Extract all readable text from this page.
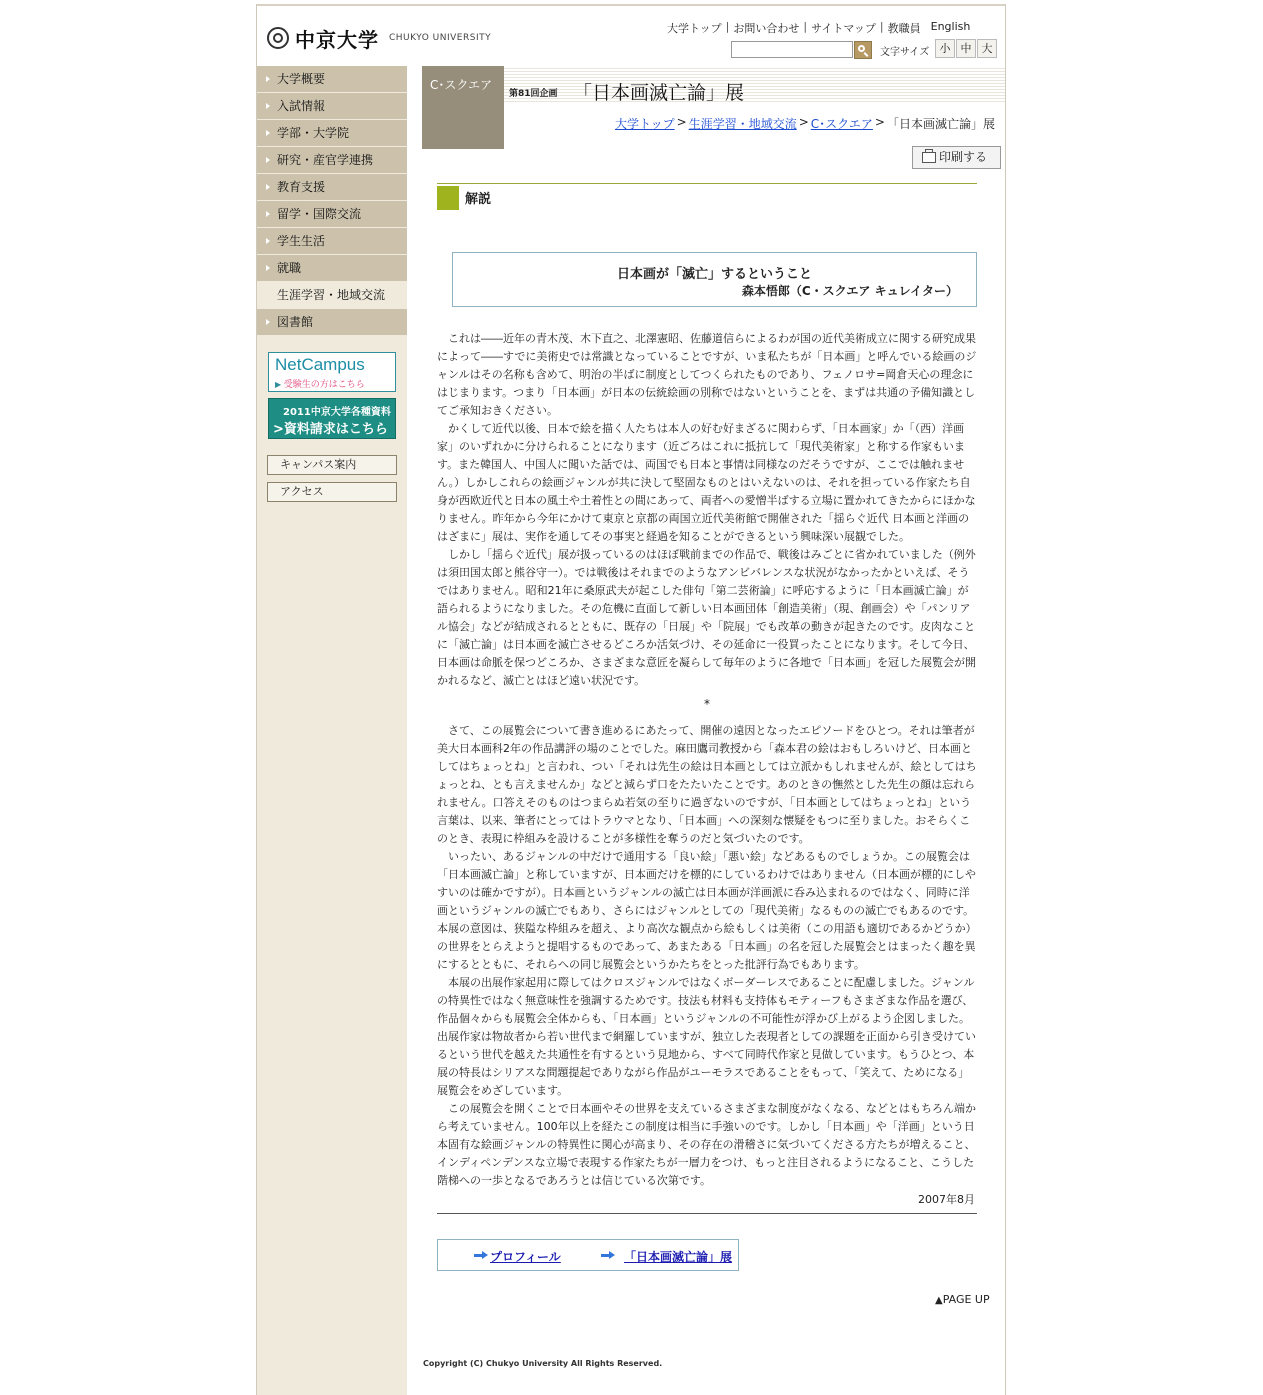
中京大学 CHUKYO UNIVERSITY
大学トップ | お問い合わせ | サイトマップ | 教職員 English
文字サイズ 小 中 大
大学概要
入試情報
学部・大学院
研究・産官学連携
教育支援
留学・国際交流
学生生活
就職
生涯学習・地域交流
図書館
NetCampus
▶ 受験生の方はこちら
2011中京大学各種資料
>資料請求はこちら
キャンパス案内
アクセス
C･スクエア
第81回企画 「日本画滅亡論」展
大学トップ > 生涯学習・地域交流 > C･スクエア > 「日本画滅亡論」展
印刷する
解説
日本画が「滅亡」するということ
森本悟郎（C・スクエア キュレイター）

これは――近年の青木茂、木下直之、北澤憲昭、佐藤道信らによるわが国の近代美術成立に関する研究成果によって――すでに美術史では常識となっていることですが、いま私たちが「日本画」と呼んでいる絵画のジャンルはその名称も含めて、明治の半ばに制度としてつくられたものであり、フェノロサ=岡倉天心の理念にはじまります。つまり「日本画」が日本の伝統絵画の別称ではないということを、まずは共通の予備知識としてご承知おきください。

かくして近代以後、日本で絵を描く人たちは本人の好む好まざるに関わらず、「日本画家」か「（西）洋画家」のいずれかに分けられることになります（近ごろはこれに抵抗して「現代美術家」と称する作家もいます。また韓国人、中国人に聞いた話では、両国でも日本と事情は同様なのだそうですが、ここでは触れません。）しかしこれらの絵画ジャンルが共に決して堅固なものとはいえないのは、それを担っている作家たち自身が西欧近代と日本の風土や土着性との間にあって、両者への愛憎半ばする立場に置かれてきたからにほかなりません。昨年から今年にかけて東京と京都の両国立近代美術館で開催された「揺らぐ近代 日本画と洋画のはざまに」展は、実作を通してその事実と経過を知ることができるという興味深い展観でした。

しかし「揺らぐ近代」展が扱っているのはほぼ戦前までの作品で、戦後はみごとに省かれていました（例外は須田国太郎と熊谷守一）。では戦後はそれまでのようなアンビバレンスな状況がなかったかといえば、そうではありません。昭和21年に桑原武夫が起こした俳句「第二芸術論」に呼応するように「日本画滅亡論」が語られるようになりました。その危機に直面して新しい日本画団体「創造美術」（現、創画会）や「パンリアル協会」などが結成されるとともに、既存の「日展」や「院展」でも改革の動きが起きたのです。皮肉なことに「滅亡論」は日本画を滅亡させるどころか活気づけ、その延命に一役買ったことになります。そして今日、日本画は命脈を保つどころか、さまざまな意匠を凝らして毎年のように各地で「日本画」を冠した展覧会が開かれるなど、滅亡とはほど遠い状況です。

*

さて、この展覧会について書き進めるにあたって、開催の遠因となったエピソードをひとつ。それは筆者が美大日本画科2年の作品講評の場のことでした。麻田鷹司教授から「森本君の絵はおもしろいけど、日本画としてはちょっとね」と言われ、つい「それは先生の絵は日本画としては立派かもしれませんが、絵としてはちょっとね、とも言えませんか」などと減らず口をたたいたことです。あのときの憮然とした先生の顔は忘れられません。口答えそのものはつまらぬ若気の至りに過ぎないのですが、「日本画としてはちょっとね」という言葉は、以来、筆者にとってはトラウマとなり、「日本画」への深刻な懐疑をもつに至りました。おそらくこのとき、表現に枠組みを設けることが多様性を奪うのだと気づいたのです。

いったい、あるジャンルの中だけで通用する「良い絵」「悪い絵」などあるものでしょうか。この展覧会は「日本画滅亡論」と称していますが、日本画だけを標的にしているわけではありません（日本画が標的にしやすいのは確かですが）。日本画というジャンルの滅亡は日本画が洋画派に呑み込まれるのではなく、同時に洋画というジャンルの滅亡でもあり、さらにはジャンルとしての「現代美術」なるものの滅亡でもあるのです。本展の意図は、狭隘な枠組みを超え、より高次な観点から絵もしくは美術（この用語も適切であるかどうか）の世界をとらえようと提唱するものであって、あまたある「日本画」の名を冠した展覧会とはまったく趣を異にするとともに、それらへの同じ展覧会というかたちをとった批評行為でもあります。

本展の出展作家起用に際してはクロスジャンルではなくボーダーレスであることに配慮しました。ジャンルの特異性ではなく無意味性を強調するためです。技法も材料も支持体もモティーフもさまざまな作品を選び、作品個々からも展覧会全体からも、「日本画」というジャンルの不可能性が浮かび上がるよう企図しました。出展作家は物故者から若い世代まで網羅していますが、独立した表現者としての課題を正面から引き受けているという世代を越えた共通性を有するという見地から、すべて同時代作家と見做しています。もうひとつ、本展の特長はシリアスな問題提起でありながら作品がユーモラスであることをもって、「笑えて、ためになる」展覧会をめざしています。

この展覧会を開くことで日本画やその世界を支えているさまざまな制度がなくなる、などとはもちろん端から考えていません。100年以上を経たこの制度は相当に手強いのです。しかし「日本画」や「洋画」という日本固有な絵画ジャンルの特異性に関心が高まり、その存在の滑稽さに気づいてくださる方たちが増えること、インディペンデンスな立場で表現する作家たちが一層力をつけ、もっと注目されるようになること、こうした階梯への一歩となるであろうとは信じている次第です。

2007年8月
プロフィール	「日本画滅亡論」展
▲ PAGE UP
Copyright (C) Chukyo University All Rights Reserved.
